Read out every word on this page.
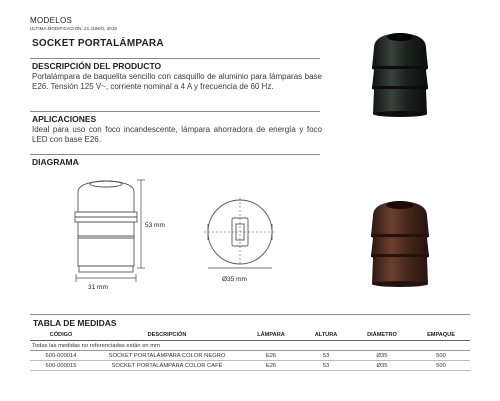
MODELOS
ÚLTIMA MODIFICACIÓN: 21 JUNIO, 2019
SOCKET PORTALÁMPARA
DESCRIPCIÓN DEL PRODUCTO
Portalámpara de baquelita sencillo con casquillo de aluminio para lámparas base E26. Tensión 125 V~, corriente nominal a 4 A y frecuencia de 60 Hz.
APLICACIONES
Ideal para uso con foco incandescente, lámpara ahorradora de energía y foco LED con base E26.
DIAGRAMA
53 mm
31 mm
Ø35 mm
TABLA DE MEDIDAS
CÓDIGO	DESCRIPCIÓN	LÁMPARA	ALTURA	DIÁMETRO	EMPAQUE
Todas las medidas no referenciadas están en mm					
600-000014	SOCKET PORTALÁMPARA COLOR NEGRO	E26	53	Ø35	500
600-000015	SOCKET PORTALÁMPARA COLOR CAFÉ	E26	53	Ø35	500
